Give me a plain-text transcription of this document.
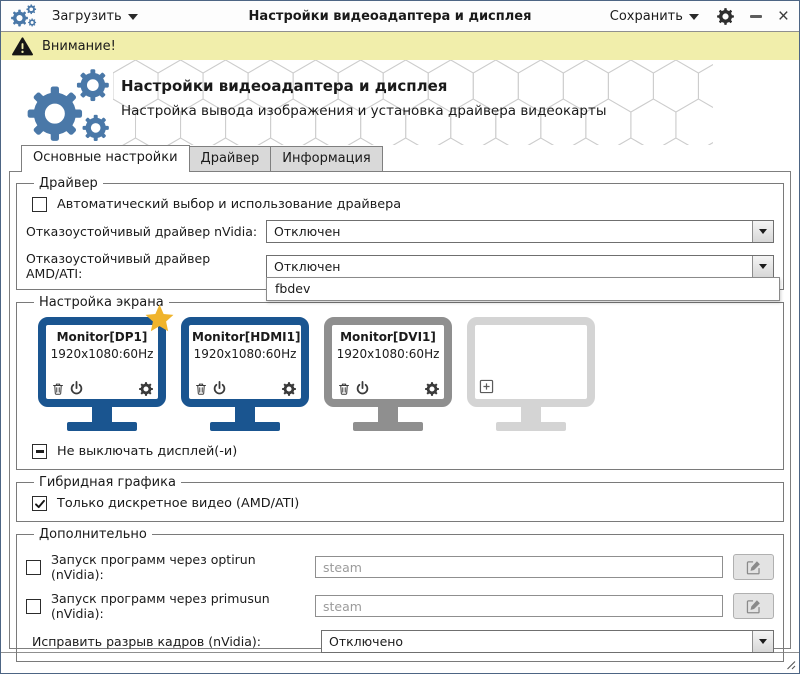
Загрузить	Настройки видеоадаптера и дисплея	Сохранить	×
Внимание!
Настройки видеоадаптера и дисплея
Настройка вывода изображения и установка драйвера видеокарты
Основные настройки	Драйвер	Информация
Драйвер
Автоматический выбор и использование драйвера
Отказоустойчивый драйвер nVidia:	Отключен
Отказоустойчивый драйвер AMD/ATI:	Отключен
fbdev
Настройка экрана
Monitor[DP1]
1920x1080:60Hz
Monitor[HDMI1]
1920x1080:60Hz
Monitor[DVI1]
1920x1080:60Hz
Не выключать дисплей(-и)
Гибридная графика
Только дискретное видео (AMD/ATI)
Дополнительно
Запуск программ через optirun (nVidia):
steam
Запуск программ через primusun (nVidia):
steam
Исправить разрыв кадров (nVidia):	Отключено
